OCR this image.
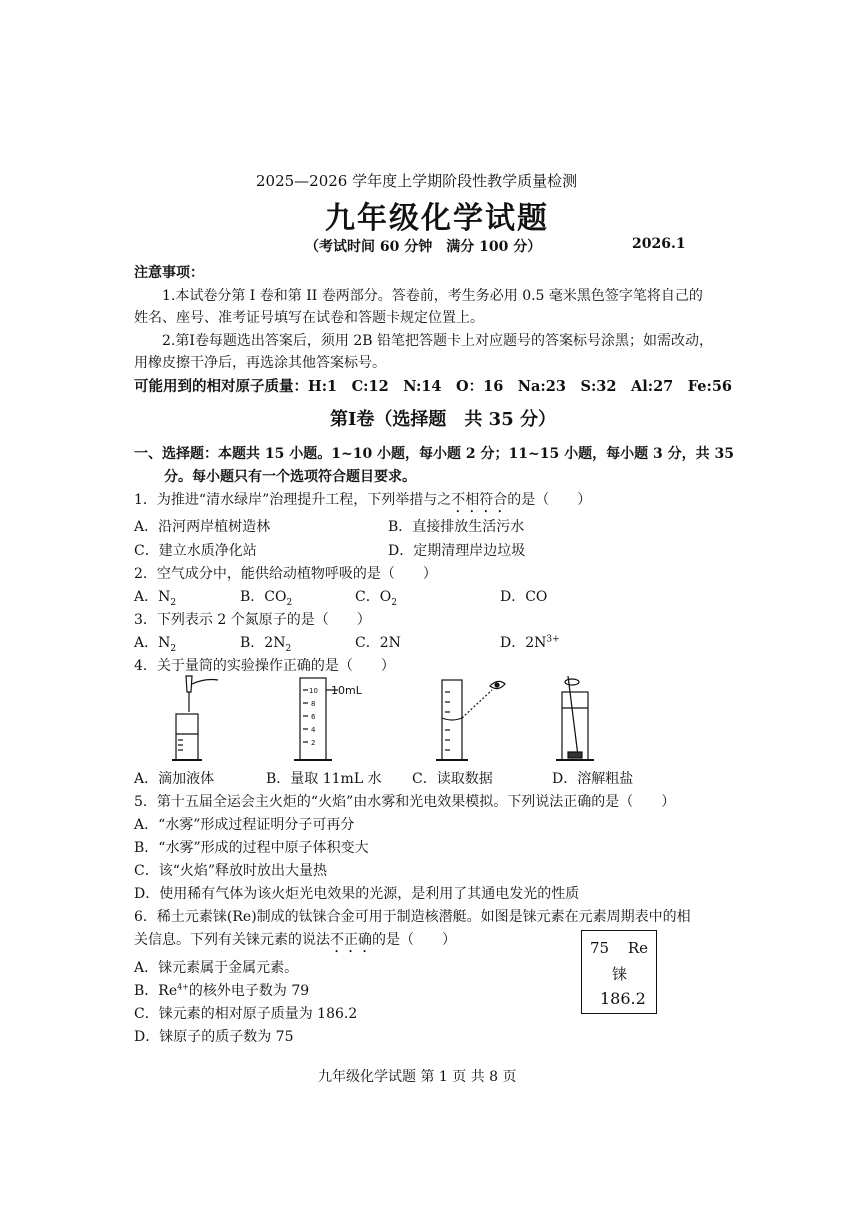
2025—2026 学年度上学期阶段性教学质量检测
九年级化学试题
（考试时间 60 分钟　满分 100 分）	2026.1
注意事项：
1.本试卷分第 I 卷和第 II 卷两部分。答卷前，考生务必用 0.5 毫米黑色签字笔将自己的
姓名、座号、准考证号填写在试卷和答题卡规定位置上。
2.第Ⅰ卷每题选出答案后，须用 2B 铅笔把答题卡上对应题号的答案标号涂黑；如需改动，
用橡皮擦干净后，再选涂其他答案标号。
可能用到的相对原子质量：H:1　C:12　N:14　O：16　Na:23　S:32　Al:27　Fe:56
第Ⅰ卷（选择题　共 35 分）
一、选择题：本题共 15 小题。1~10 小题，每小题 2 分；11~15 小题，每小题 3 分，共 35
分。每小题只有一个选项符合题目要求。
1．为推进“清水绿岸”治理提升工程，下列举措与之不相符合的是（　　）
A．沿河两岸植树造林	B．直接排放生活污水
C．建立水质净化站	D．定期清理岸边垃圾
2．空气成分中，能供给动植物呼吸的是（　　）
A．$N_2$	B．$CO_2$	C．$O_2$	D．CO
3．下列表示 2 个氮原子的是（　　）
A．$N_2$	B．$2N_2$	C．2N	D．$2N^{3+}$
4．关于量筒的实验操作正确的是（　　）
10mL
10
8
6
4
2
A．滴加液体	B．量取 11mL 水 C．读取数据	D．溶解粗盐
5．第十五届全运会主火炬的“火焰”由水雾和光电效果模拟。下列说法正确的是（　　）
A．“水雾”形成过程证明分子可再分
B．“水雾”形成的过程中原子体积变大
C．该“火焰”释放时放出大量热
D．使用稀有气体为该火炬光电效果的光源，是利用了其通电发光的性质
6．稀土元素铼(Re)制成的钛铼合金可用于制造核潜艇。如图是铼元素在元素周期表中的相
关信息。下列有关铼元素的说法不正确的是（　　）
A．铼元素属于金属元素。
B．$Re^{4+}$的核外电子数为 79
C．铼元素的相对原子质量为 186.2
D．铼原子的质子数为 75
75 Re
铼
186.2
九年级化学试题 第 1 页 共 8 页
